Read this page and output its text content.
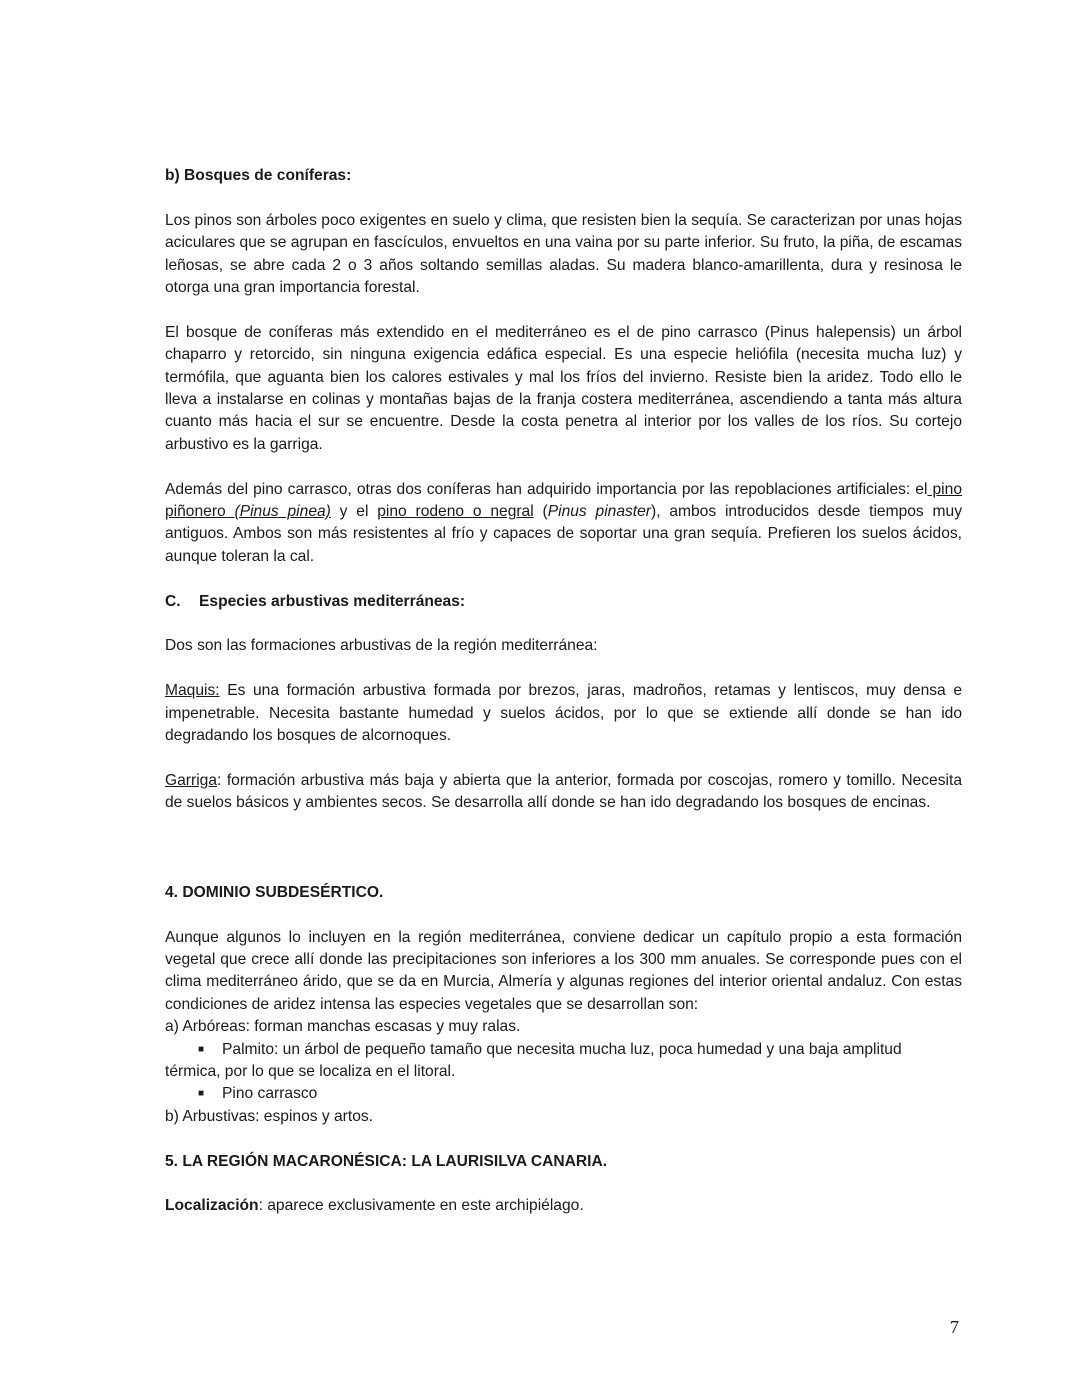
b) Bosques de coníferas:

Los pinos son árboles poco exigentes en suelo y clima, que resisten bien la sequía. Se caracterizan por unas hojas aciculares que se agrupan en fascículos, envueltos en una vaina por su parte inferior. Su fruto, la piña, de escamas leñosas, se abre cada 2 o 3 años soltando semillas aladas. Su madera blanco-amarillenta, dura y resinosa le otorga una gran importancia forestal.

El bosque de coníferas más extendido en el mediterráneo es el de pino carrasco (Pinus halepensis) un árbol chaparro y retorcido, sin ninguna exigencia edáfica especial. Es una especie heliófila (necesita mucha luz) y termófila, que aguanta bien los calores estivales y mal los fríos del invierno. Resiste bien la aridez. Todo ello le lleva a instalarse en colinas y montañas bajas de la franja costera mediterránea, ascendiendo a tanta más altura cuanto más hacia el sur se encuentre. Desde la costa penetra al interior por los valles de los ríos. Su cortejo arbustivo es la garriga.

Además del pino carrasco, otras dos coníferas han adquirido importancia por las repoblaciones artificiales: el pino piñonero (Pinus pinea) y el pino rodeno o negral (Pinus pinaster), ambos introducidos desde tiempos muy antiguos. Ambos son más resistentes al frío y capaces de soportar una gran sequía. Prefieren los suelos ácidos, aunque toleran la cal.

C. Especies arbustivas mediterráneas:

Dos son las formaciones arbustivas de la región mediterránea:

Maquis: Es una formación arbustiva formada por brezos, jaras, madroños, retamas y lentiscos, muy densa e impenetrable. Necesita bastante humedad y suelos ácidos, por lo que se extiende allí donde se han ido degradando los bosques de alcornoques.

Garriga: formación arbustiva más baja y abierta que la anterior, formada por coscojas, romero y tomillo. Necesita de suelos básicos y ambientes secos. Se desarrolla allí donde se han ido degradando los bosques de encinas.

4. DOMINIO SUBDESÉRTICO.

Aunque algunos lo incluyen en la región mediterránea, conviene dedicar un capítulo propio a esta formación vegetal que crece allí donde las precipitaciones son inferiores a los 300 mm anuales. Se corresponde pues con el clima mediterráneo árido, que se da en Murcia, Almería y algunas regiones del interior oriental andaluz. Con estas condiciones de aridez intensa las especies vegetales que se desarrollan son:

a) Arbóreas: forman manchas escasas y muy ralas.

■	Palmito: un árbol de pequeño tamaño que necesita mucha luz, poca humedad y una baja amplitud

térmica, por lo que se localiza en el litoral.

■	Pino carrasco

b) Arbustivas: espinos y artos.

5. LA REGIÓN MACARONÉSICA: LA LAURISILVA CANARIA.

Localización: aparece exclusivamente en este archipiélago.

7
